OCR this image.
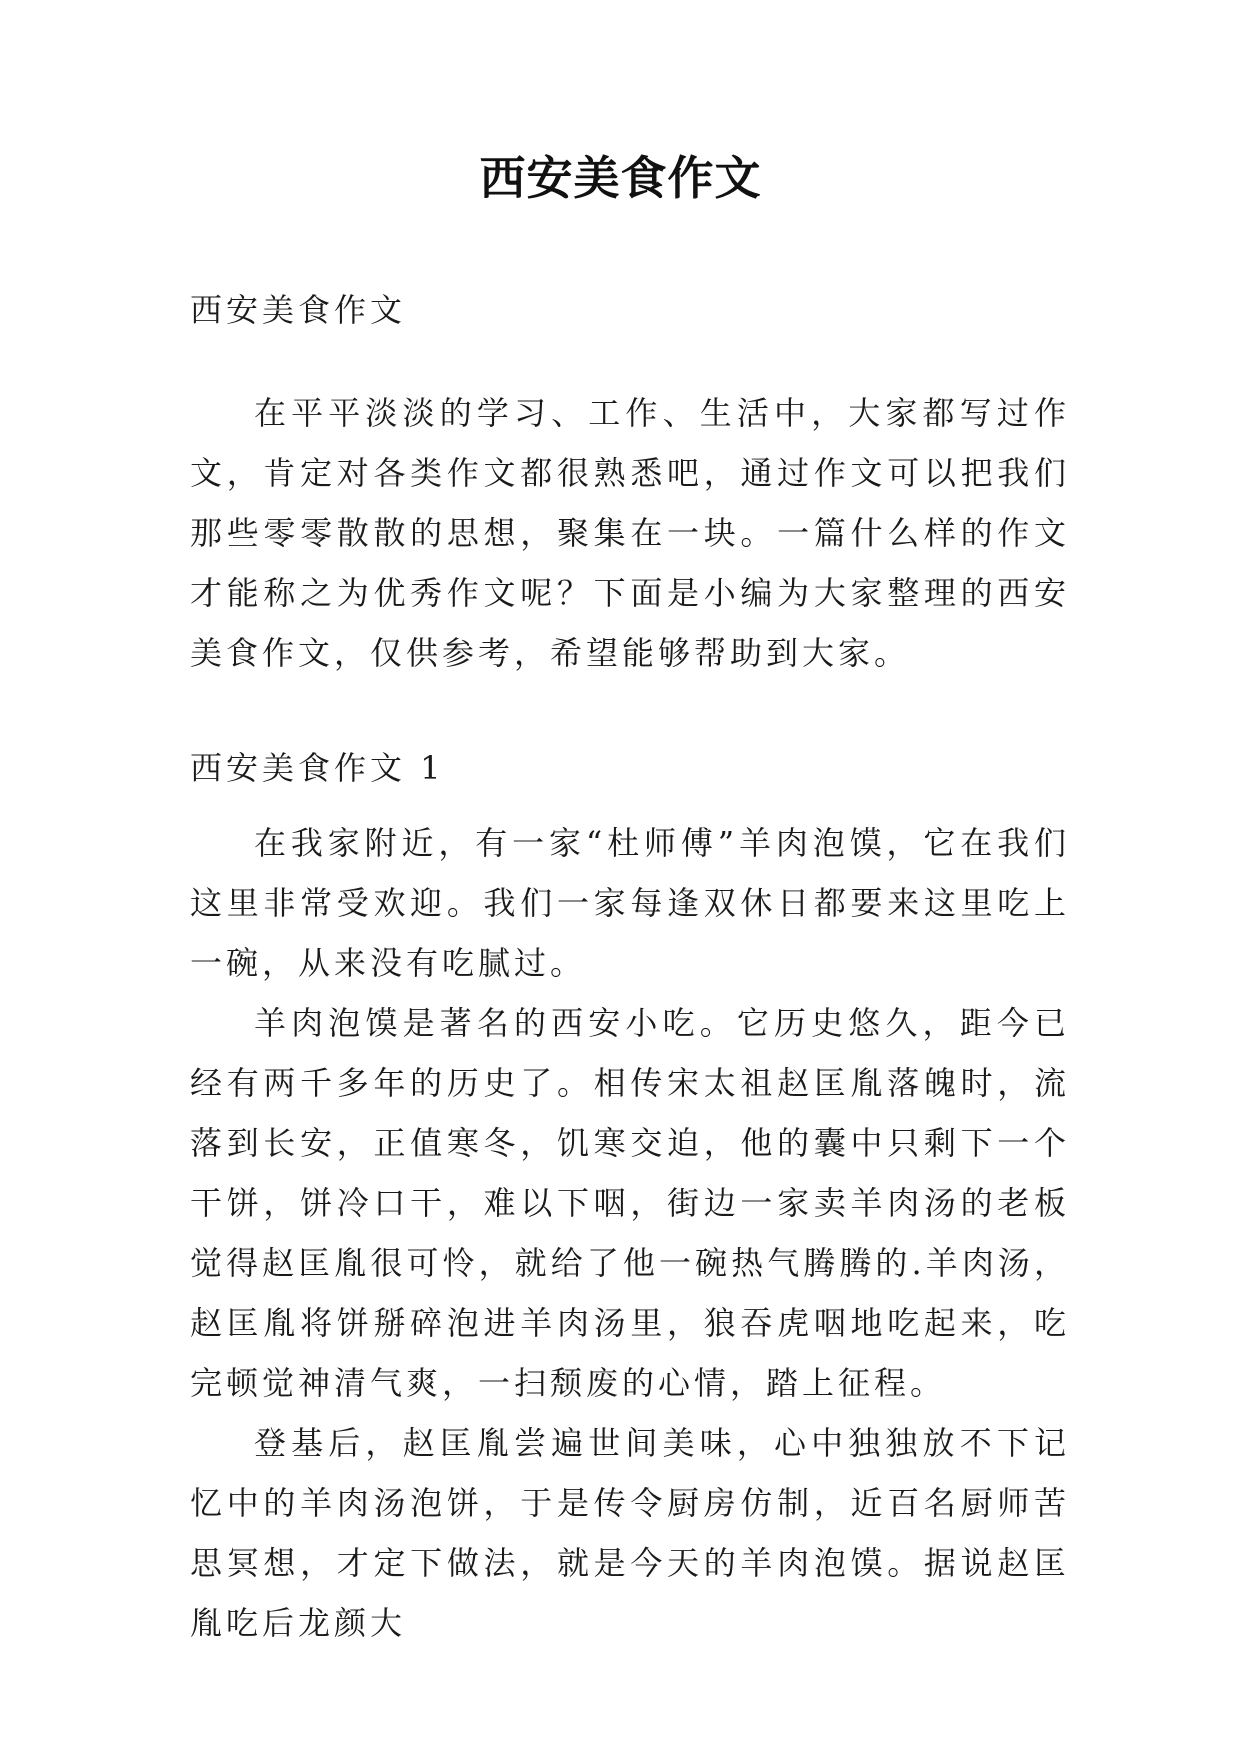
西安美食作文

西安美食作文

在平平淡淡的学习、工作、生活中，大家都写过作文，肯定对各类作文都很熟悉吧，通过作文可以把我们那些零零散散的思想，聚集在一块。一篇什么样的作文才能称之为优秀作文呢？下面是小编为大家整理的西安美食作文，仅供参考，希望能够帮助到大家。

西安美食作文 1

在我家附近，有一家“杜师傅”羊肉泡馍，它在我们这里非常受欢迎。我们一家每逢双休日都要来这里吃上一碗，从来没有吃腻过。

羊肉泡馍是著名的西安小吃。它历史悠久，距今已经有两千多年的历史了。相传宋太祖赵匡胤落魄时，流落到长安，正值寒冬，饥寒交迫，他的囊中只剩下一个干饼，饼冷口干，难以下咽，街边一家卖羊肉汤的老板觉得赵匡胤很可怜，就给了他一碗热气腾腾的.羊肉汤，赵匡胤将饼掰碎泡进羊肉汤里，狼吞虎咽地吃起来，吃完顿觉神清气爽，一扫颓废的心情，踏上征程。

登基后，赵匡胤尝遍世间美味，心中独独放不下记忆中的羊肉汤泡饼，于是传令厨房仿制，近百名厨师苦思冥想，才定下做法，就是今天的羊肉泡馍。据说赵匡胤吃后龙颜大
